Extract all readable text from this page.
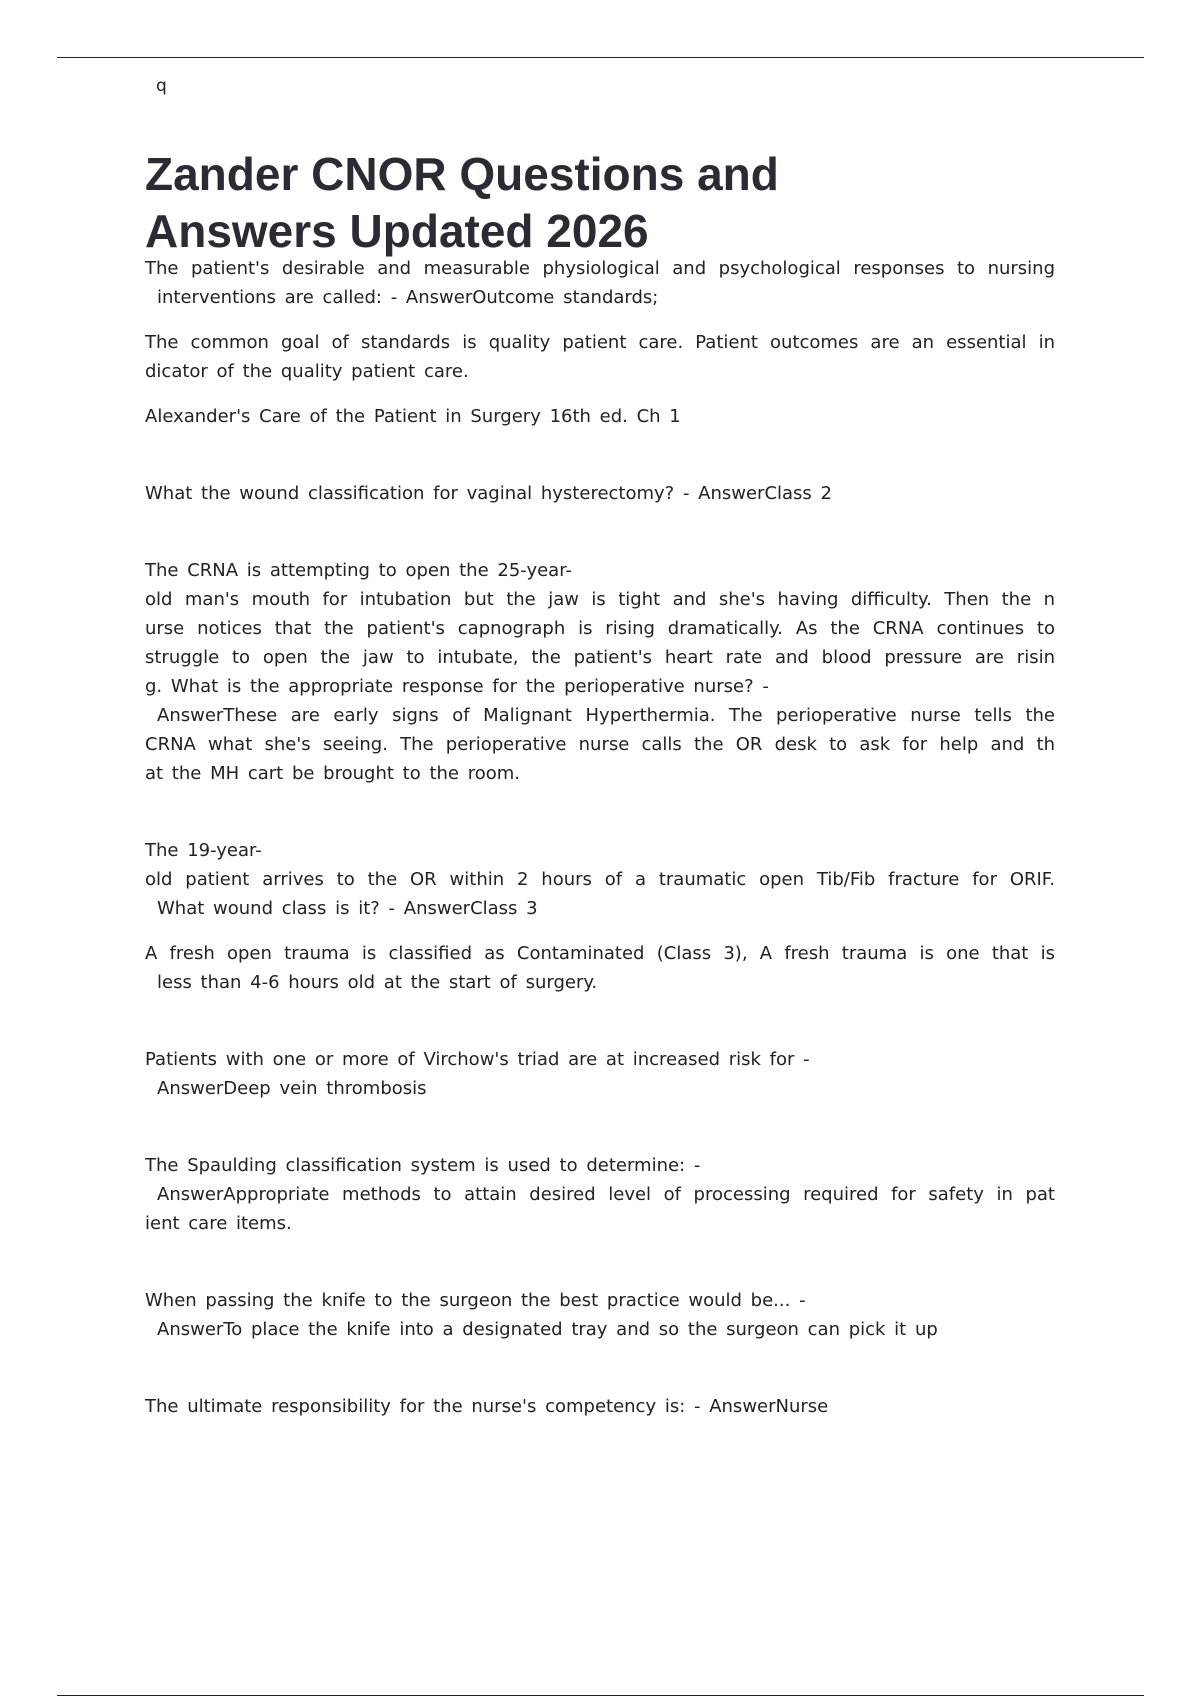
q
Zander CNOR Questions and
Answers Updated 2026
The patient's desirable and measurable physiological and psychological responses to nursing
interventions are called: - AnswerOutcome standards;
The common goal of standards is quality patient care. Patient outcomes are an essential in
dicator of the quality patient care.
Alexander's Care of the Patient in Surgery 16th ed. Ch 1
What the wound classification for vaginal hysterectomy? - AnswerClass 2
The CRNA is attempting to open the 25-year-
old man's mouth for intubation but the jaw is tight and she's having difficulty. Then the n
urse notices that the patient's capnograph is rising dramatically. As the CRNA continues to
struggle to open the jaw to intubate, the patient's heart rate and blood pressure are risin
g. What is the appropriate response for the perioperative nurse? -
AnswerThese are early signs of Malignant Hyperthermia. The perioperative nurse tells the
CRNA what she's seeing. The perioperative nurse calls the OR desk to ask for help and th
at the MH cart be brought to the room.
The 19-year-
old patient arrives to the OR within 2 hours of a traumatic open Tib/Fib fracture for ORIF.
What wound class is it? - AnswerClass 3
A fresh open trauma is classified as Contaminated (Class 3), A fresh trauma is one that is
less than 4-6 hours old at the start of surgery.
Patients with one or more of Virchow's triad are at increased risk for -
AnswerDeep vein thrombosis
The Spaulding classification system is used to determine: -
AnswerAppropriate methods to attain desired level of processing required for safety in pat
ient care items.
When passing the knife to the surgeon the best practice would be... -
AnswerTo place the knife into a designated tray and so the surgeon can pick it up
The ultimate responsibility for the nurse's competency is: - AnswerNurse
